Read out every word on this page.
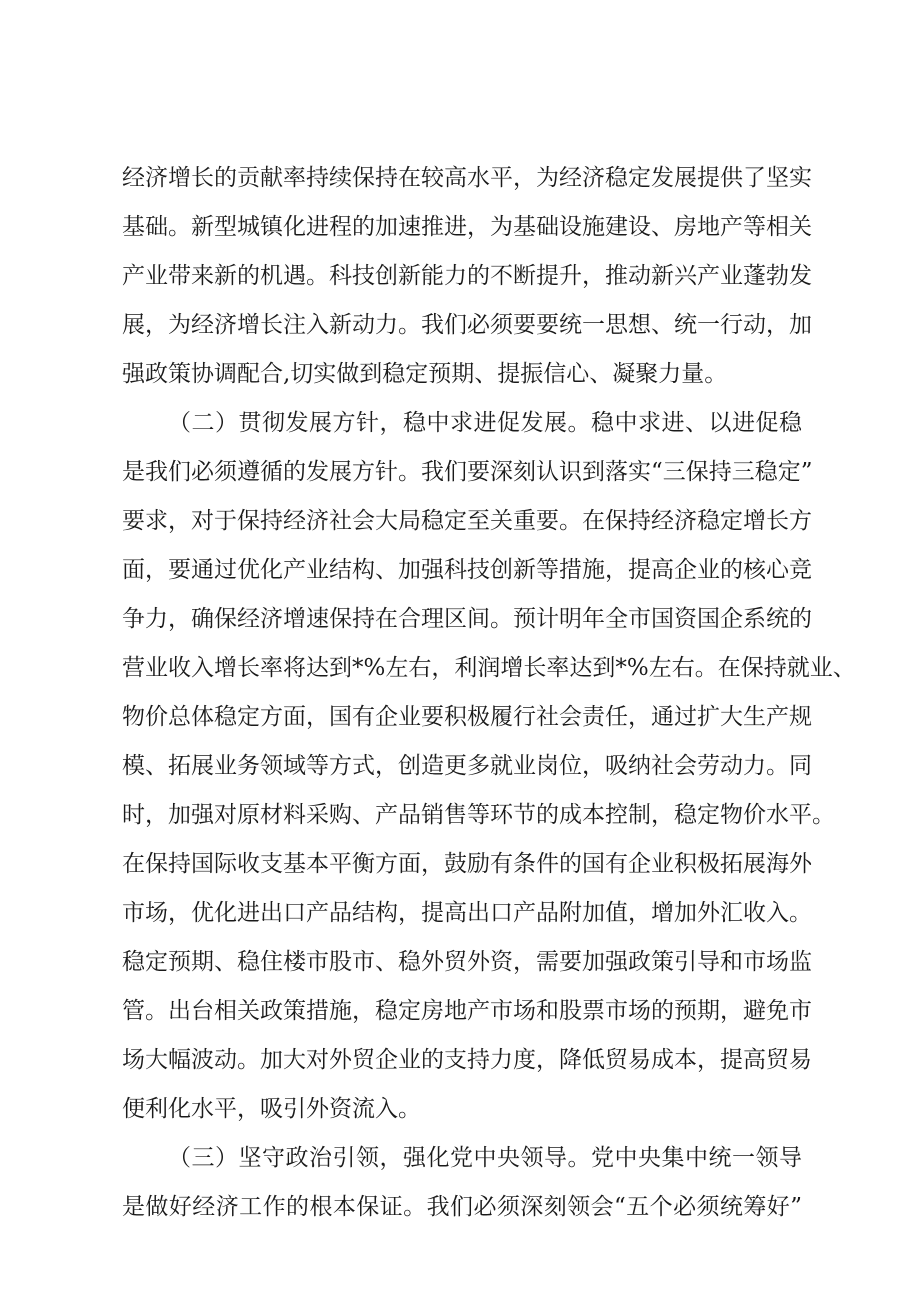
经济增长的贡献率持续保持在较高水平，为经济稳定发展提供了坚实
基础。新型城镇化进程的加速推进，为基础设施建设、房地产等相关
产业带来新的机遇。科技创新能力的不断提升，推动新兴产业蓬勃发
展，为经济增长注入新动力。我们必须要要统一思想、统一行动，加
强政策协调配合,切实做到稳定预期、提振信心、凝聚力量。
（二）贯彻发展方针，稳中求进促发展。稳中求进、以进促稳
是我们必须遵循的发展方针。我们要深刻认识到落实“三保持三稳定”
要求，对于保持经济社会大局稳定至关重要。在保持经济稳定增长方
面，要通过优化产业结构、加强科技创新等措施，提高企业的核心竞
争力，确保经济增速保持在合理区间。预计明年全市国资国企系统的
营业收入增长率将达到*%左右，利润增长率达到*%左右。在保持就业、
物价总体稳定方面，国有企业要积极履行社会责任，通过扩大生产规
模、拓展业务领域等方式，创造更多就业岗位，吸纳社会劳动力。同
时，加强对原材料采购、产品销售等环节的成本控制，稳定物价水平。
在保持国际收支基本平衡方面，鼓励有条件的国有企业积极拓展海外
市场，优化进出口产品结构，提高出口产品附加值，增加外汇收入。
稳定预期、稳住楼市股市、稳外贸外资，需要加强政策引导和市场监
管。出台相关政策措施，稳定房地产市场和股票市场的预期，避免市
场大幅波动。加大对外贸企业的支持力度，降低贸易成本，提高贸易
便利化水平，吸引外资流入。
（三）坚守政治引领，强化党中央领导。党中央集中统一领导
是做好经济工作的根本保证。我们必须深刻领会“五个必须统筹好”
